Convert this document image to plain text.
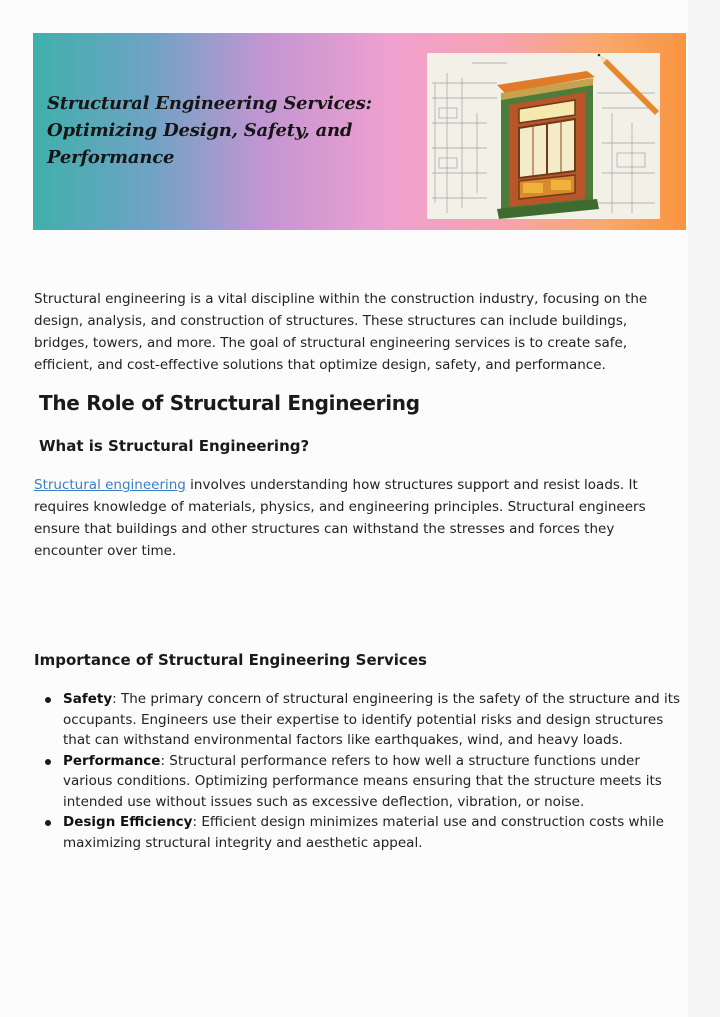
Structural Engineering Services: Optimizing Design, Safety, and Performance

Structural engineering is a vital discipline within the construction industry, focusing on the design, analysis, and construction of structures. These structures can include buildings, bridges, towers, and more. The goal of structural engineering services is to create safe, efficient, and cost-effective solutions that optimize design, safety, and performance.

The Role of Structural Engineering
What is Structural Engineering?

Structural engineering involves understanding how structures support and resist loads. It requires knowledge of materials, physics, and engineering principles. Structural engineers ensure that buildings and other structures can withstand the stresses and forces they encounter over time.

Importance of Structural Engineering Services
Safety: The primary concern of structural engineering is the safety of the structure and its occupants. Engineers use their expertise to identify potential risks and design structures that can withstand environmental factors like earthquakes, wind, and heavy loads.
Performance: Structural performance refers to how well a structure functions under various conditions. Optimizing performance means ensuring that the structure meets its intended use without issues such as excessive deflection, vibration, or noise.
Design Efficiency: Efficient design minimizes material use and construction costs while maximizing structural integrity and aesthetic appeal.
